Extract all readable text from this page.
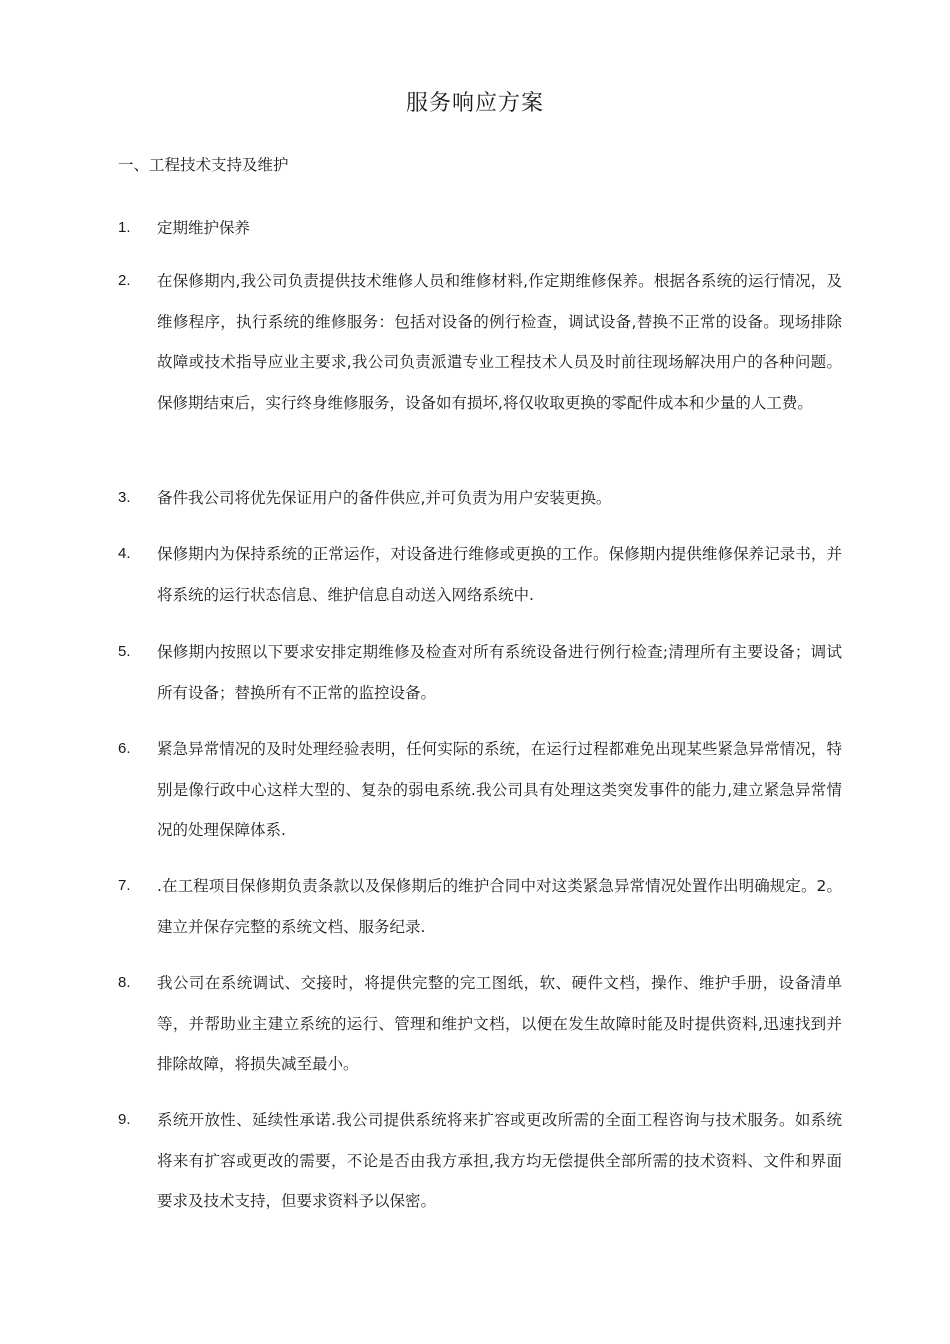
服务响应方案
一、工程技术支持及维护
1.	定期维护保养
2.	在保修期内,我公司负责提供技术维修人员和维修材料,作定期维修保养。根据各系统的运行情况，及维修程序，执行系统的维修服务：包括对设备的例行检查，调试设备,替换不正常的设备。现场排除故障或技术指导应业主要求,我公司负责派遣专业工程技术人员及时前往现场解决用户的各种问题。保修期结束后，实行终身维修服务，设备如有损坏,将仅收取更换的零配件成本和少量的人工费。
3.	备件我公司将优先保证用户的备件供应,并可负责为用户安装更换。
4.	保修期内为保持系统的正常运作，对设备进行维修或更换的工作。保修期内提供维修保养记录书，并将系统的运行状态信息、维护信息自动送入网络系统中.
5.	保修期内按照以下要求安排定期维修及检查对所有系统设备进行例行检查;清理所有主要设备；调试所有设备；替换所有不正常的监控设备。
6.	紧急异常情况的及时处理经验表明，任何实际的系统，在运行过程都难免出现某些紧急异常情况，特别是像行政中心这样大型的、复杂的弱电系统.我公司具有处理这类突发事件的能力,建立紧急异常情况的处理保障体系.
7.	.在工程项目保修期负责条款以及保修期后的维护合同中对这类紧急异常情况处置作出明确规定。2。建立并保存完整的系统文档、服务纪录.
8.	我公司在系统调试、交接时，将提供完整的完工图纸，软、硬件文档，操作、维护手册，设备清单等，并帮助业主建立系统的运行、管理和维护文档，以便在发生故障时能及时提供资料,迅速找到并排除故障，将损失减至最小。
9.	系统开放性、延续性承诺.我公司提供系统将来扩容或更改所需的全面工程咨询与技术服务。如系统将来有扩容或更改的需要，不论是否由我方承担,我方均无偿提供全部所需的技术资料、文件和界面要求及技术支持，但要求资料予以保密。
